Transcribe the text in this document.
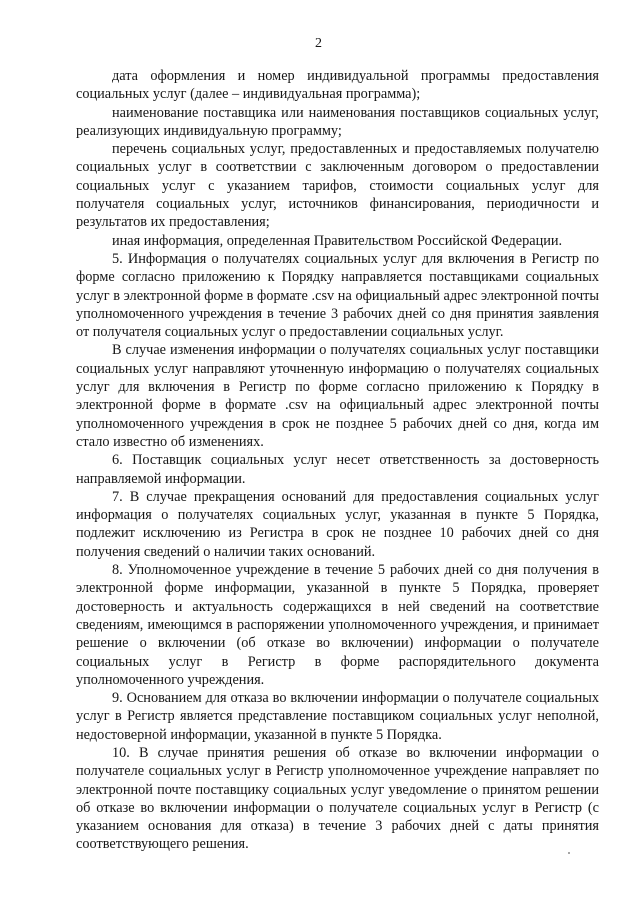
2

дата оформления и номер индивидуальной программы предоставления социальных услуг (далее – индивидуальная программа);

наименование поставщика или наименования поставщиков социальных услуг, реализующих индивидуальную программу;

перечень социальных услуг, предоставленных и предоставляемых получателю социальных услуг в соответствии с заключенным договором о предоставлении социальных услуг с указанием тарифов, стоимости социальных услуг для получателя социальных услуг, источников финансирования, периодичности и результатов их предоставления;

иная информация, определенная Правительством Российской Федерации.

5. Информация о получателях социальных услуг для включения в Регистр по форме согласно приложению к Порядку направляется поставщиками социальных услуг в электронной форме в формате .csv на официальный адрес электронной почты уполномоченного учреждения в течение 3 рабочих дней со дня принятия заявления от получателя социальных услуг о предоставлении социальных услуг.

В случае изменения информации о получателях социальных услуг поставщики социальных услуг направляют уточненную информацию о получателях социальных услуг для включения в Регистр по форме согласно приложению к Порядку в электронной форме в формате .csv на официальный адрес электронной почты уполномоченного учреждения в срок не позднее 5 рабочих дней со дня, когда им стало известно об изменениях.

6. Поставщик социальных услуг несет ответственность за достоверность направляемой информации.

7. В случае прекращения оснований для предоставления социальных услуг информация о получателях социальных услуг, указанная в пункте 5 Порядка, подлежит исключению из Регистра в срок не позднее 10 рабочих дней со дня получения сведений о наличии таких оснований.

8. Уполномоченное учреждение в течение 5 рабочих дней со дня получения в электронной форме информации, указанной в пункте 5 Порядка, проверяет достоверность и актуальность содержащихся в ней сведений на соответствие сведениям, имеющимся в распоряжении уполномоченного учреждения, и принимает решение о включении (об отказе во включении) информации о получателе социальных услуг в Регистр в форме распорядительного документа уполномоченного учреждения.

9. Основанием для отказа во включении информации о получателе социальных услуг в Регистр является представление поставщиком социальных услуг неполной, недостоверной информации, указанной в пункте 5 Порядка.

10. В случае принятия решения об отказе во включении информации о получателе социальных услуг в Регистр уполномоченное учреждение направляет по электронной почте поставщику социальных услуг уведомление о принятом решении об отказе во включении информации о получателе социальных услуг в Регистр (с указанием основания для отказа) в течение 3 рабочих дней с даты принятия соответствующего решения.
